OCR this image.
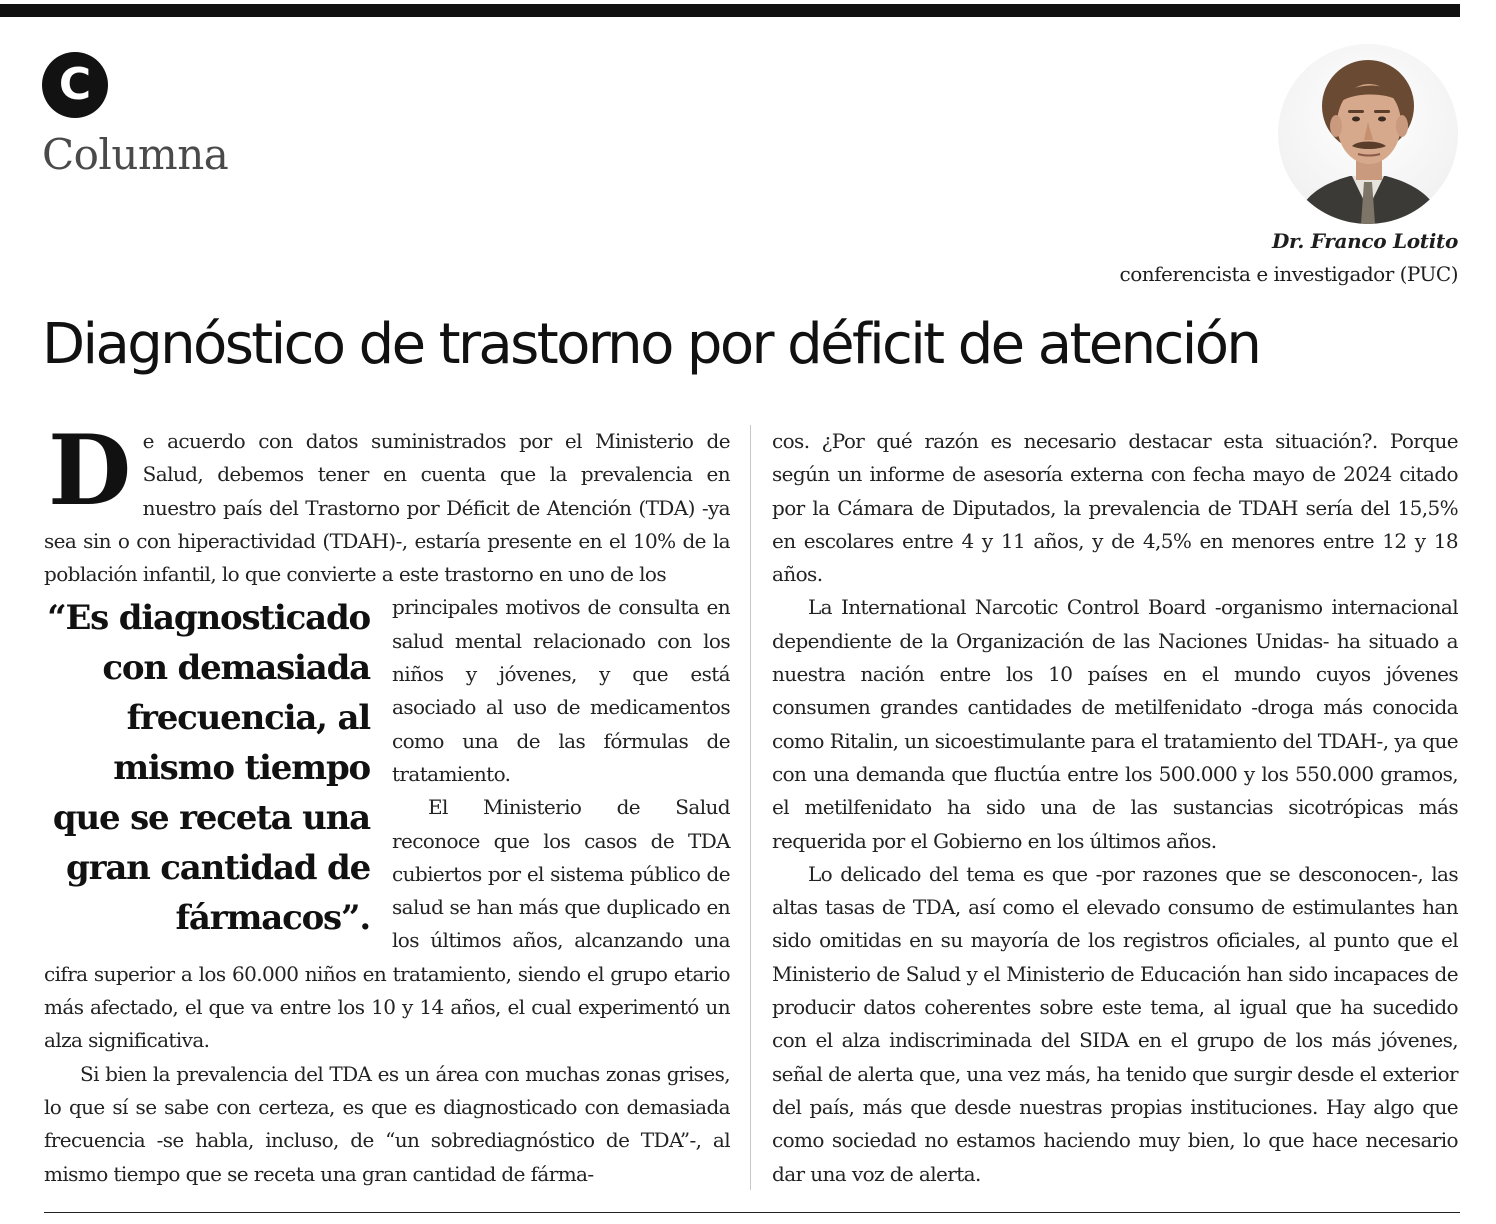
C
Columna
Dr. Franco Lotito
conferencista e investigador (PUC)
Diagnóstico de trastorno por déficit de atención

De acuerdo con datos suministrados por el Ministerio de Salud, debemos tener en cuenta que la prevalencia en nuestro país del Trastorno por Déficit de Atención (TDA) -ya sea sin o con hiperactividad (TDAH)-, estaría presente en el 10% de la población infantil, lo que convierte a este trastorno en uno de los

“Es diagnosticado con demasiada frecuencia, al mismo tiempo que se receta una gran cantidad de fármacos”.

principales motivos de consulta en salud mental relacionado con los niños y jóvenes, y que está asociado al uso de medicamentos como una de las fórmulas de tratamiento.

El Ministerio de Salud reconoce que los casos de TDA cubiertos por el sistema público de salud se han más que duplicado en los últimos años, alcanzando una cifra superior a los 60.000 niños en tratamiento, siendo el grupo etario más afectado, el que va entre los 10 y 14 años, el cual experimentó un alza significativa.

Si bien la prevalencia del TDA es un área con muchas zonas grises, lo que sí se sabe con certeza, es que es diagnosticado con demasiada frecuencia -se habla, incluso, de “un sobrediagnóstico de TDA”-, al mismo tiempo que se receta una gran cantidad de fárma-

cos. ¿Por qué razón es necesario destacar esta situación?. Porque según un informe de asesoría externa con fecha mayo de 2024 citado por la Cámara de Diputados, la prevalencia de TDAH sería del 15,5% en escolares entre 4 y 11 años, y de 4,5% en menores entre 12 y 18 años.

La International Narcotic Control Board -organismo internacional dependiente de la Organización de las Naciones Unidas- ha situado a nuestra nación entre los 10 países en el mundo cuyos jóvenes consumen grandes cantidades de metilfenidato -droga más conocida como Ritalin, un sicoestimulante para el tratamiento del TDAH-, ya que con una demanda que fluctúa entre los 500.000 y los 550.000 gramos, el metilfenidato ha sido una de las sustancias sicotrópicas más requerida por el Gobierno en los últimos años.

Lo delicado del tema es que -por razones que se desconocen-, las altas tasas de TDA, así como el elevado consumo de estimulantes han sido omitidas en su mayoría de los registros oficiales, al punto que el Ministerio de Salud y el Ministerio de Educación han sido incapaces de producir datos coherentes sobre este tema, al igual que ha sucedido con el alza indiscriminada del SIDA en el grupo de los más jóvenes, señal de alerta que, una vez más, ha tenido que surgir desde el exterior del país, más que desde nuestras propias instituciones. Hay algo que como sociedad no estamos haciendo muy bien, lo que hace necesario dar una voz de alerta.
